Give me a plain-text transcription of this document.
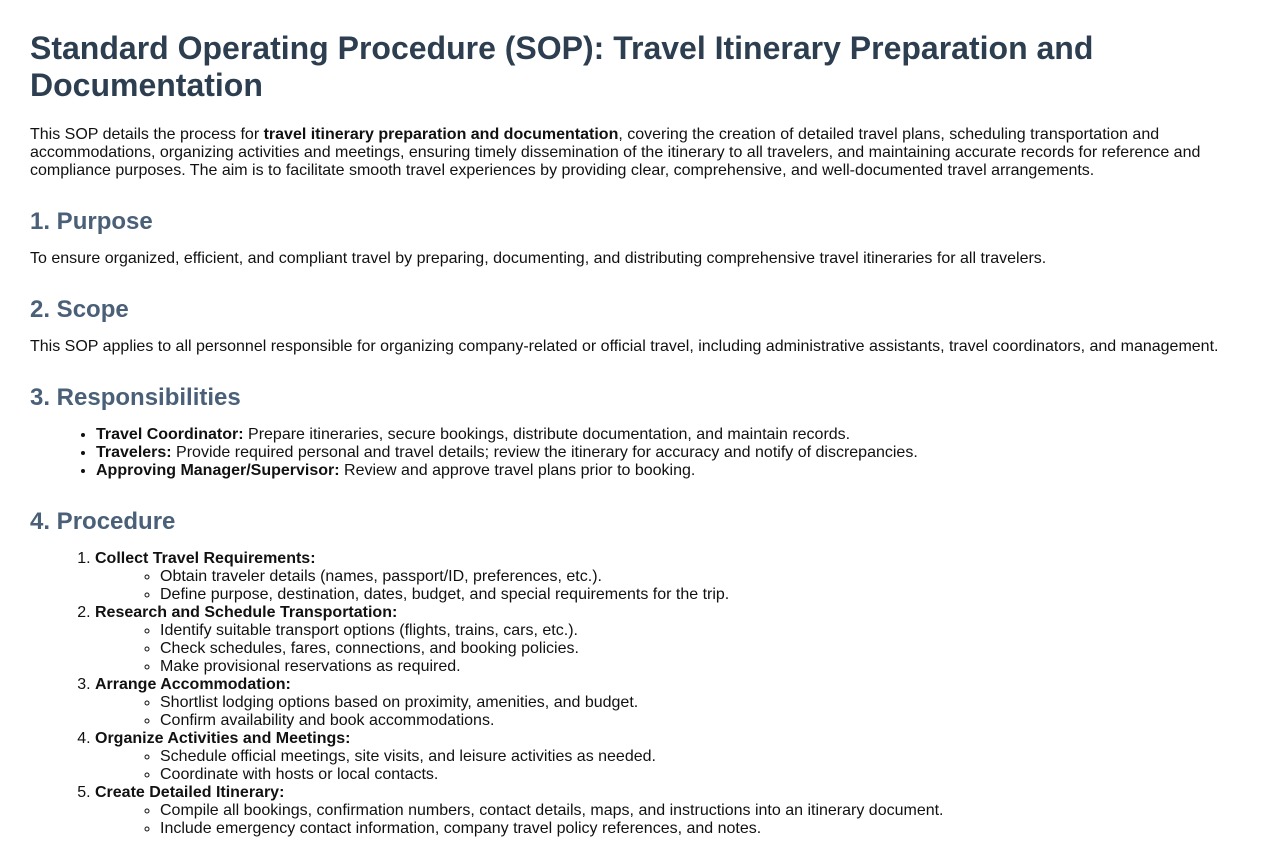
Standard Operating Procedure (SOP): Travel Itinerary Preparation and Documentation

This SOP details the process for travel itinerary preparation and documentation, covering the creation of detailed travel plans, scheduling transportation and accommodations, organizing activities and meetings, ensuring timely dissemination of the itinerary to all travelers, and maintaining accurate records for reference and compliance purposes. The aim is to facilitate smooth travel experiences by providing clear, comprehensive, and well-documented travel arrangements.

1. Purpose

To ensure organized, efficient, and compliant travel by preparing, documenting, and distributing comprehensive travel itineraries for all travelers.

2. Scope

This SOP applies to all personnel responsible for organizing company-related or official travel, including administrative assistants, travel coordinators, and management.

3. Responsibilities
• Travel Coordinator: Prepare itineraries, secure bookings, distribute documentation, and maintain records.
• Travelers: Provide required personal and travel details; review the itinerary for accuracy and notify of discrepancies.
• Approving Manager/Supervisor: Review and approve travel plans prior to booking.
4. Procedure
1. Collect Travel Requirements:
◦ Obtain traveler details (names, passport/ID, preferences, etc.).
◦ Define purpose, destination, dates, budget, and special requirements for the trip.
2. Research and Schedule Transportation:
◦ Identify suitable transport options (flights, trains, cars, etc.).
◦ Check schedules, fares, connections, and booking policies.
◦ Make provisional reservations as required.
3. Arrange Accommodation:
◦ Shortlist lodging options based on proximity, amenities, and budget.
◦ Confirm availability and book accommodations.
4. Organize Activities and Meetings:
◦ Schedule official meetings, site visits, and leisure activities as needed.
◦ Coordinate with hosts or local contacts.
5. Create Detailed Itinerary:
◦ Compile all bookings, confirmation numbers, contact details, maps, and instructions into an itinerary document.
◦ Include emergency contact information, company travel policy references, and notes.
